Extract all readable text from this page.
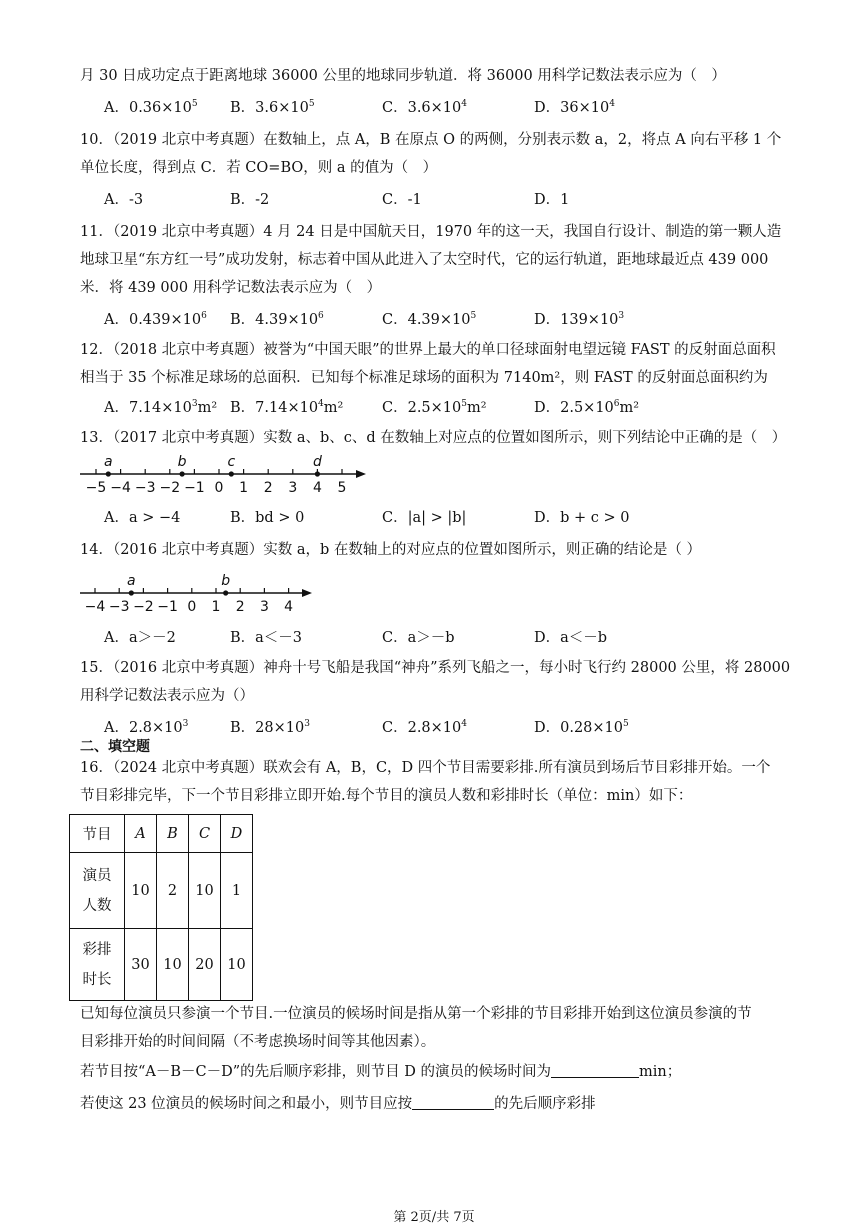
月 30 日成功定点于距离地球 36000 公里的地球同步轨道．将 36000 用科学记数法表示应为（　）
A．$0.36\times 10^5$ B．$3.6\times 10^5$	C．$3.6\times 10^4$	D．$36\times 10^4$
10．（2019 北京中考真题）在数轴上，点 A，B 在原点 O 的两侧，分别表示数 a，2，将点 A 向右平移 1 个
单位长度，得到点 C．若 CO=BO，则 a 的值为（　）
A．-3	B．-2	C．-1	D．1
11．（2019 北京中考真题）4 月 24 日是中国航天日，1970 年的这一天，我国自行设计、制造的第一颗人造
地球卫星“东方红一号”成功发射，标志着中国从此进入了太空时代，它的运行轨道，距地球最近点 439 000
米．将 439 000 用科学记数法表示应为（　）
A．$0.439\times 10^6$ B．$4.39\times 10^6$	C．$4.39\times 10^5$	D．$139\times 10^3$
12．（2018 北京中考真题）被誉为“中国天眼”的世界上最大的单口径球面射电望远镜 FAST 的反射面总面积
相当于 35 个标准足球场的总面积．已知每个标准足球场的面积为 7140m²，则 FAST 的反射面总面积约为
A．$7.14\times 10^3m^2$ B．$7.14\times 10^4m^2$	C．$2.5\times 10^5m^2$	D．$2.5\times 10^6m^2$
13．（2017 北京中考真题）实数 a、b、c、d 在数轴上对应点的位置如图所示，则下列结论中正确的是（　）
−5 −4 −3 −2 −1 0 1 2 3 4 5
a	b	c	d
A．a > −4	B．bd > 0	C．|a| > |b|	D．b + c > 0
14．（2016 北京中考真题）实数 a，b 在数轴上的对应点的位置如图所示，则正确的结论是（ ）
−4 −3 −2 −1 0 1 2 3 4
a	b
A．a＞－2	B．a＜－3	C．a＞－b	D．a＜－b
15．（2016 北京中考真题）神舟十号飞船是我国“神舟”系列飞船之一，每小时飞行约 28000 公里，将 28000
用科学记数法表示应为（）
A．$2.8\times 10^3$	B．$28\times 10^3$	C．$2.8\times 10^4$	D．$0.28\times 10^5$
二、填空题
16．（2024 北京中考真题）联欢会有 A，B，C，D 四个节目需要彩排.所有演员到场后节目彩排开始。一个
节目彩排完毕，下一个节目彩排立即开始.每个节目的演员人数和彩排时长（单位：min）如下：
节目	A	B	C	D
演员
人数	10	2	10	1
彩排
时长	30	10	20	10
已知每位演员只参演一个节目.一位演员的候场时间是指从第一个彩排的节目彩排开始到这位演员参演的节
目彩排开始的时间间隔（不考虑换场时间等其他因素）。
若节目按“A－B－C－D”的先后顺序彩排，则节目 D 的演员的候场时间为	min；
若使这 23 位演员的候场时间之和最小，则节目应按	的先后顺序彩排
第 2页/共 7页
